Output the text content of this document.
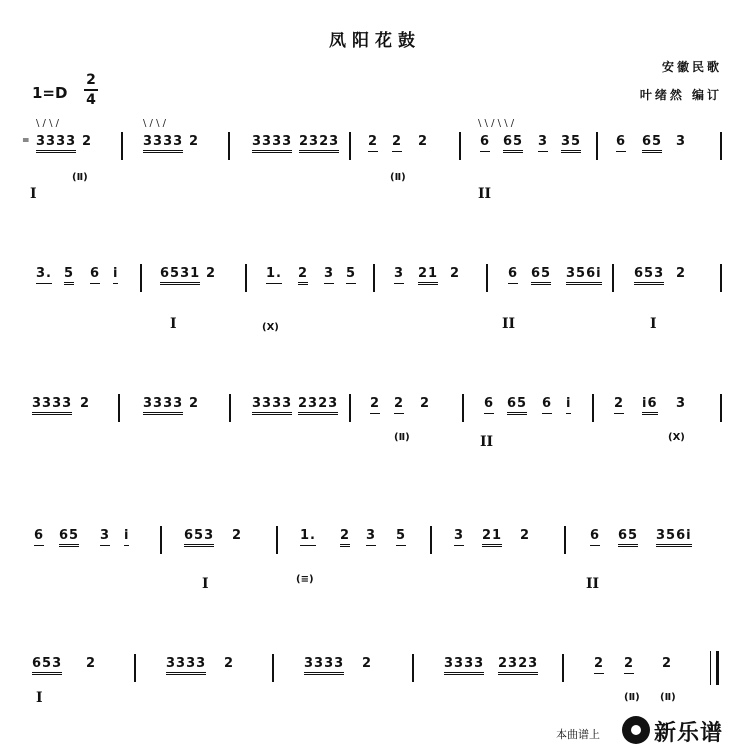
凤阳花鼓
安徽民歌
叶绪然 编订
1=D
2
4
=
\ / \ /
3333 2
\ / \ /
3333 2	3333 2323 2 2 2
\ \ / \ \ /
6 65 3 35	6 65 3
(Ⅱ)	(Ⅱ)
I	II
3. 5 6 i	6531 2	1. 2 3 5	3 21 2	6 65 356i 653 2
(X)
I	II	I
3333 2	3333 2	3333 2323 2 2 2	6 65 6 i	2 i6 3
(Ⅱ)	(X)
II
6 65 3 i	653 2	1. 2 3 5	3 21 2	6 65 356i
(≡)
I	II
653 2	3333 2	3333 2	3333 2323	2 2 2
(Ⅱ) (Ⅱ)
I
本曲谱上 新乐谱
